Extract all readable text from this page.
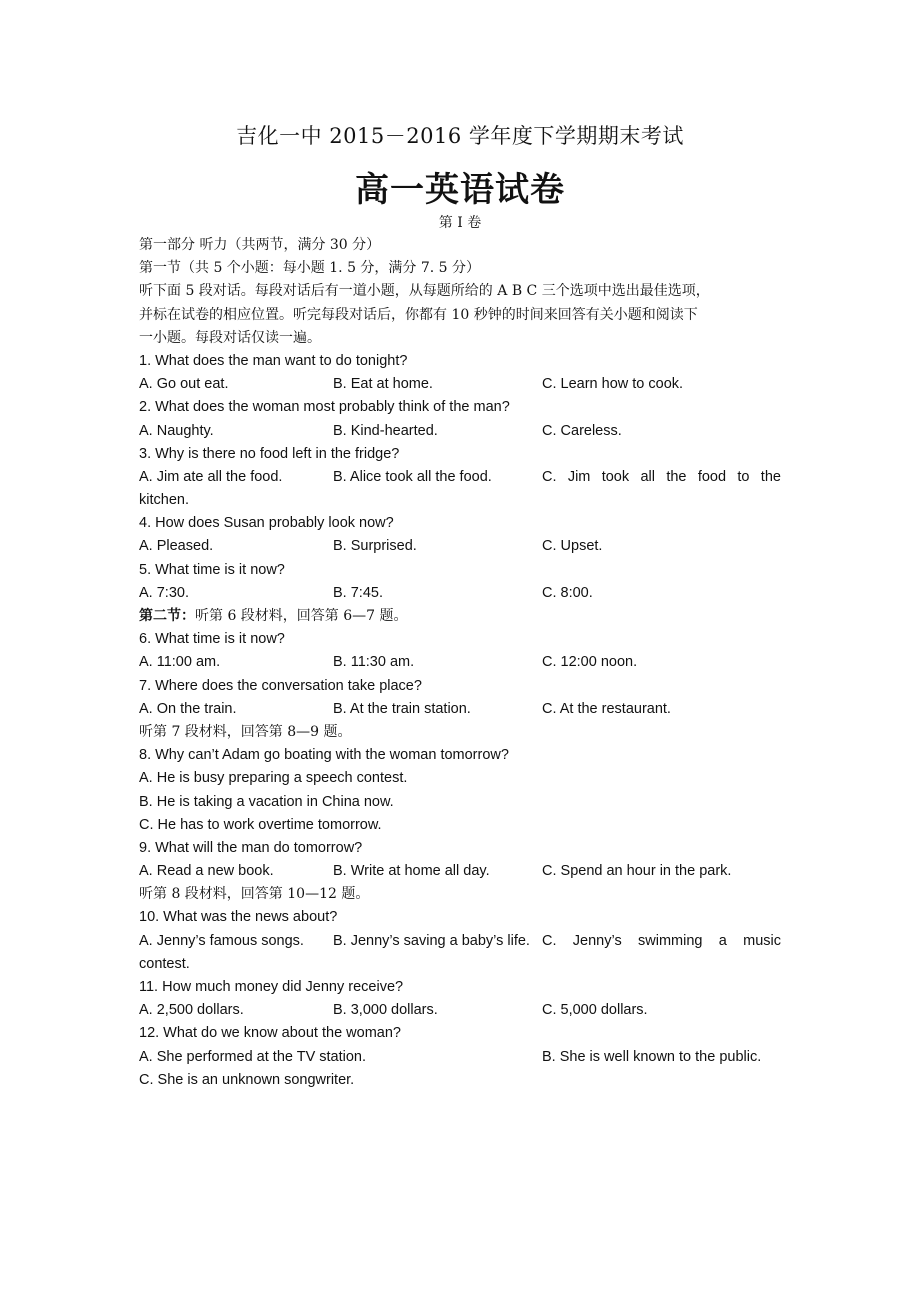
吉化一中 2015－2016 学年度下学期期末考试
高一英语试卷
第 I 卷
第一部分 听力（共两节，满分 30 分）
第一节（共 5 个小题：每小题 1. 5 分，满分 7. 5 分）
听下面 5 段对话。每段对话后有一道小题，从每题所给的 A B C 三个选项中选出最佳选项，
并标在试卷的相应位置。听完每段对话后，你都有 10 秒钟的时间来回答有关小题和阅读下
一小题。每段对话仅读一遍。
1. What does the man want to do tonight?
A. Go out eat.	B. Eat at home.	C. Learn how to cook.
2. What does the woman most probably think of the man?
A. Naughty.	B. Kind-hearted.	C. Careless.
3. Why is there no food left in the fridge?
A. Jim ate all the food.	B. Alice took all the food.	C. Jim took all the food to the
kitchen.
4. How does Susan probably look now?
A. Pleased.	B. Surprised.	C. Upset.
5. What time is it now?
A. 7:30.	B. 7:45.	C. 8:00.
第二节：听第 6 段材料，回答第 6—7 题。
6. What time is it now?
A. 11:00 am.	B. 11:30 am.	C. 12:00 noon.
7. Where does the conversation take place?
A. On the train.	B. At the train station.	C. At the restaurant.
听第 7 段材料，回答第 8—9 题。
8. Why can’t Adam go boating with the woman tomorrow?
A. He is busy preparing a speech contest.
B. He is taking a vacation in China now.
C. He has to work overtime tomorrow.
9. What will the man do tomorrow?
A. Read a new book.	B. Write at home all day.	C. Spend an hour in the park.
听第 8 段材料，回答第 10—12 题。
10. What was the news about?
A. Jenny’s famous songs. B. Jenny’s saving a baby’s life. C. Jenny’s swimming a music
contest.
11. How much money did Jenny receive?
A. 2,500 dollars.	B. 3,000 dollars.	C. 5,000 dollars.
12. What do we know about the woman?
A. She performed at the TV station.	B. She is well known to the public.
C. She is an unknown songwriter.
